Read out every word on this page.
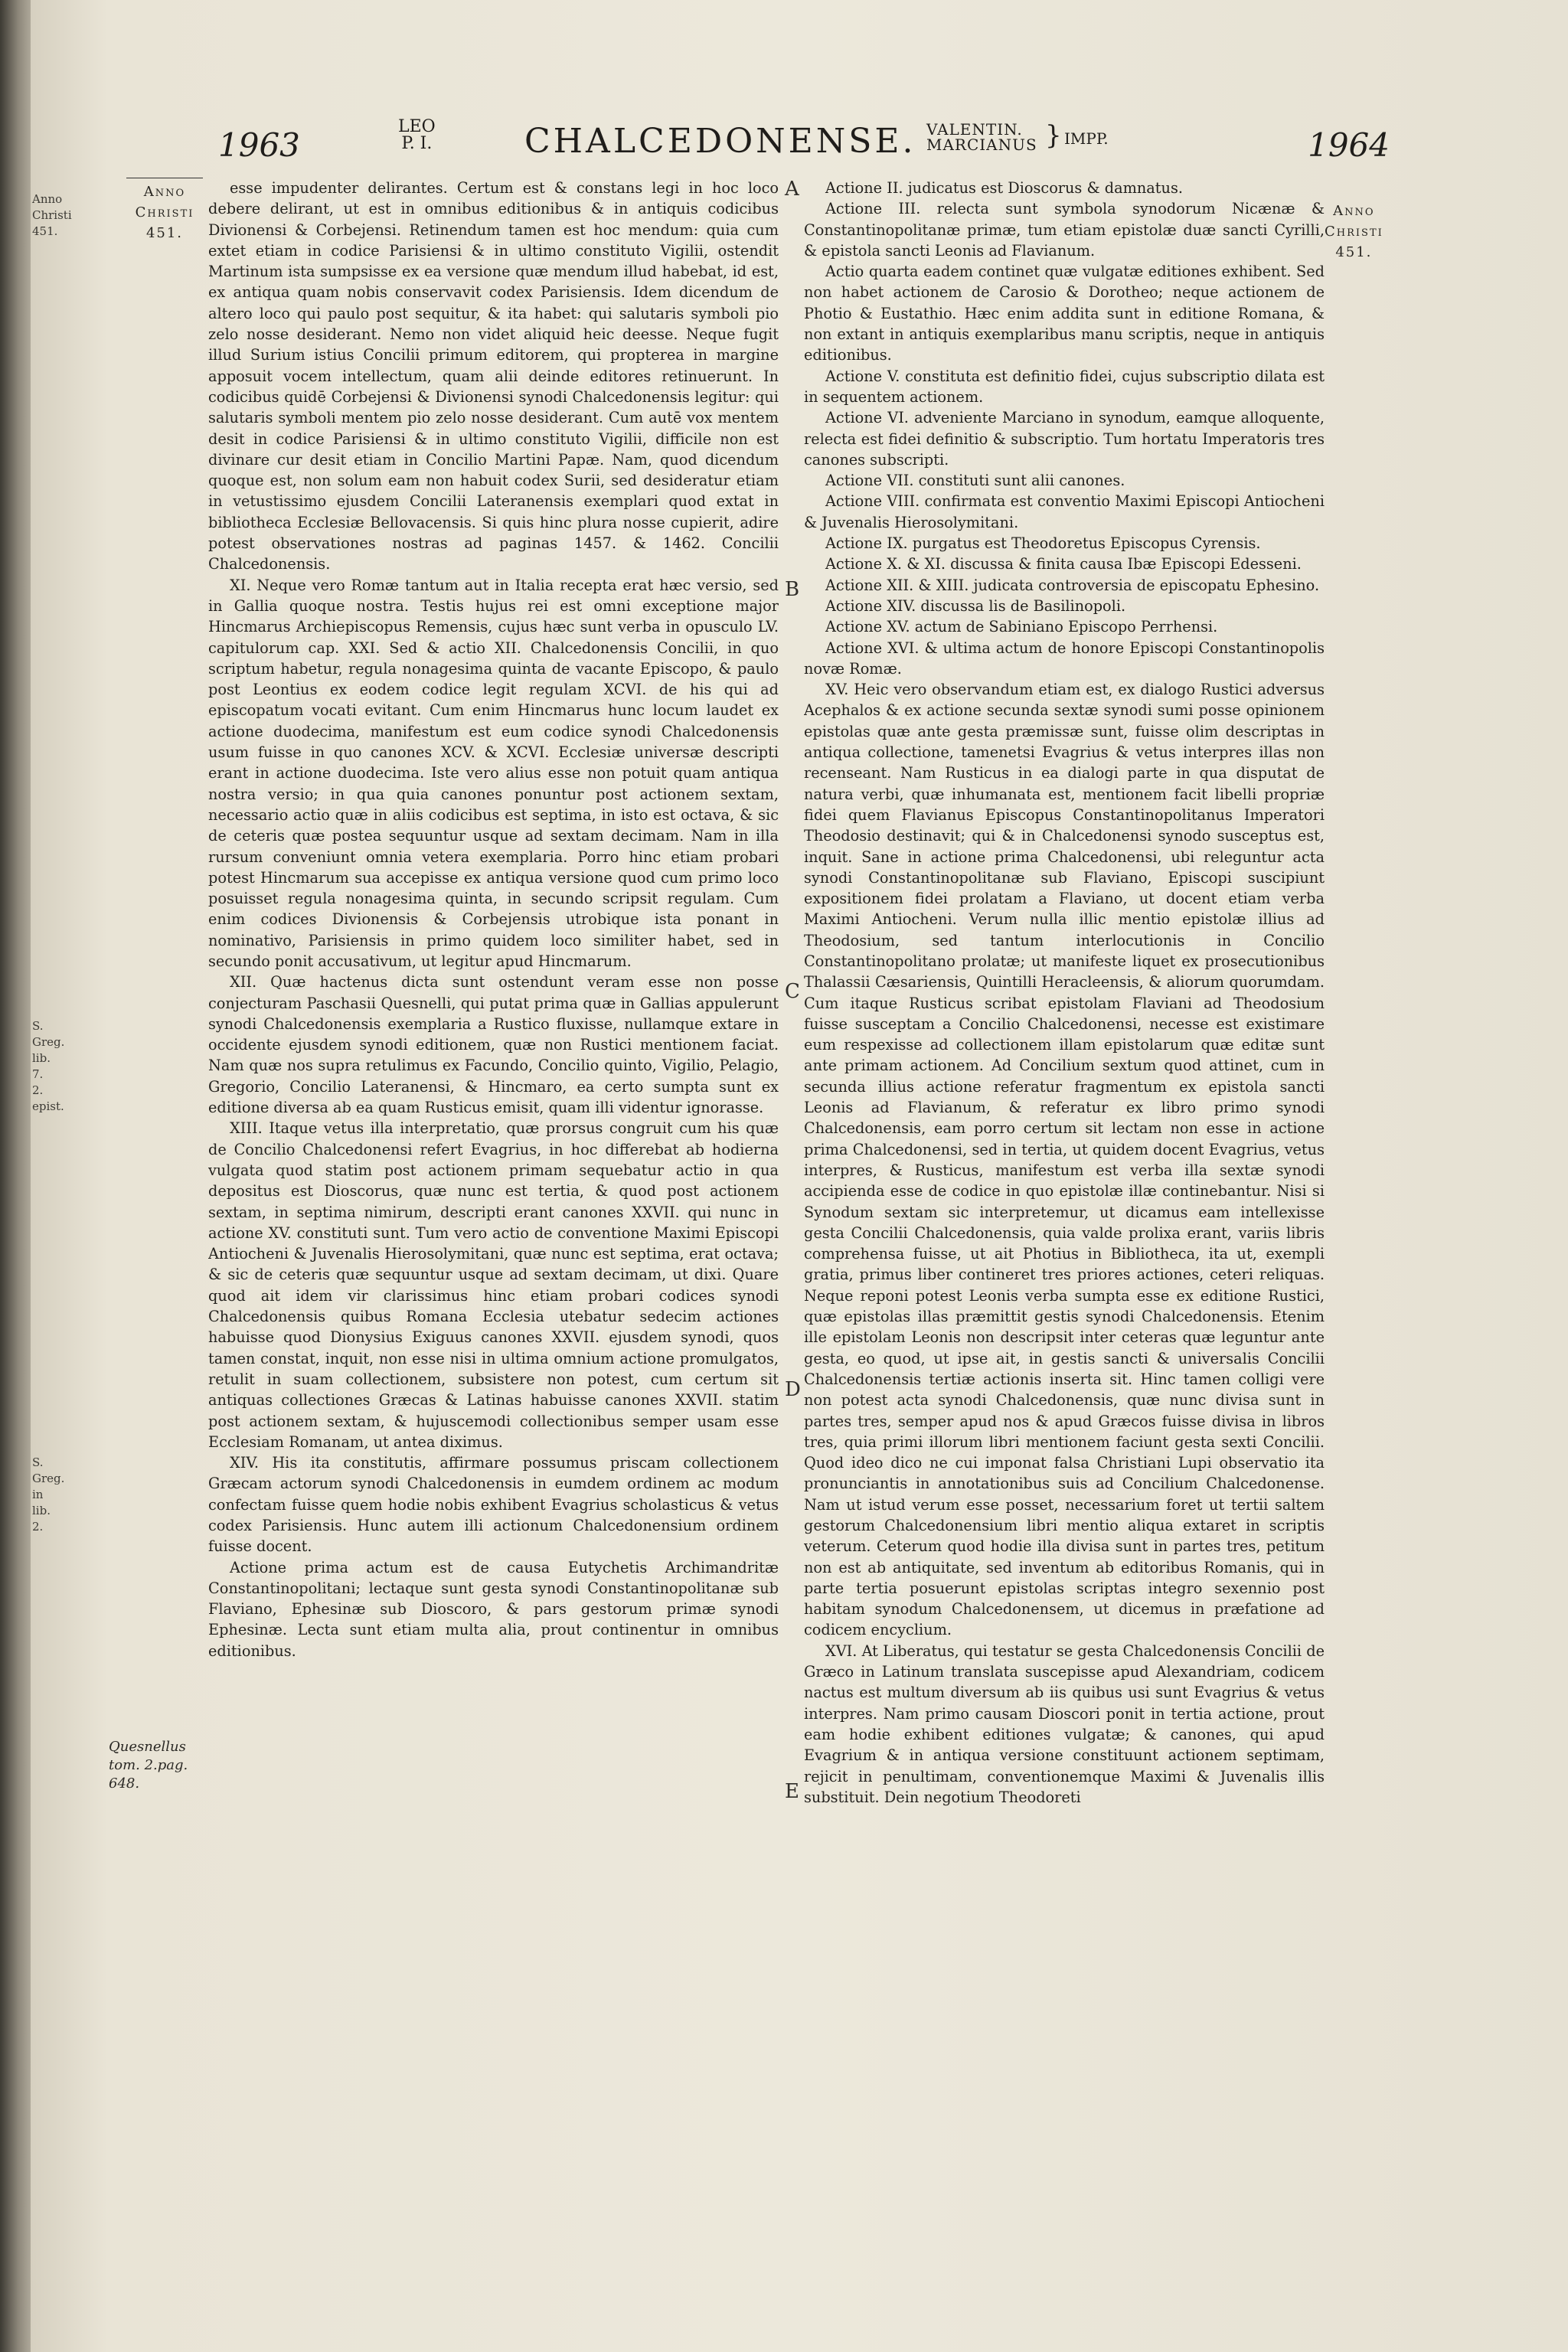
Anno
Christi
451.
S. Greg.
lib. 7.
2. epist.
S. Greg.
in
lib. 2.
1963	LEO
P. I.	CHALCEDONENSE. VALENTIN.
MARCIANUS } IMPP.	1964
Anno
Christi
451.
Anno
Christi
451.

esse impudenter delirantes. Certum est & constans legi in hoc loco debere delirant, ut est in omnibus editionibus & in antiquis codicibus Divionensi & Corbejensi. Retinendum tamen est hoc mendum: quia cum extet etiam in codice Parisiensi & in ultimo constituto Vigilii, ostendit Martinum ista sumpsisse ex ea versione quæ mendum illud habebat, id est, ex antiqua quam nobis conservavit codex Parisiensis. Idem dicendum de altero loco qui paulo post sequitur, & ita habet: qui salutaris symboli pio zelo nosse desiderant. Nemo non videt aliquid heic deesse. Neque fugit illud Surium istius Concilii primum editorem, qui propterea in margine apposuit vocem intellectum, quam alii deinde editores retinuerunt. In codicibus quidē Corbejensi & Divionensi synodi Chalcedonensis legitur: qui salutaris symboli mentem pio zelo nosse desiderant. Cum autē vox mentem desit in codice Parisiensi & in ultimo constituto Vigilii, difficile non est divinare cur desit etiam in Concilio Martini Papæ. Nam, quod dicendum quoque est, non solum eam non habuit codex Surii, sed desideratur etiam in vetustissimo ejusdem Concilii Lateranensis exemplari quod extat in bibliotheca Ecclesiæ Bellovacensis. Si quis hinc plura nosse cupierit, adire potest observationes nostras ad paginas 1457. & 1462. Concilii Chalcedonensis.

XI. Neque vero Romæ tantum aut in Italia recepta erat hæc versio, sed in Gallia quoque nostra. Testis hujus rei est omni exceptione major Hincmarus Archiepiscopus Remensis, cujus hæc sunt verba in opusculo LV. capitulorum cap. XXI. Sed & actio XII. Chalcedonensis Concilii, in quo scriptum habetur, regula nonagesima quinta de vacante Episcopo, & paulo post Leontius ex eodem codice legit regulam XCVI. de his qui ad episcopatum vocati evitant. Cum enim Hincmarus hunc locum laudet ex actione duodecima, manifestum est eum codice synodi Chalcedonensis usum fuisse in quo canones XCV. & XCVI. Ecclesiæ universæ descripti erant in actione duodecima. Iste vero alius esse non potuit quam antiqua nostra versio; in qua quia canones ponuntur post actionem sextam, necessario actio quæ in aliis codicibus est septima, in isto est octava, & sic de ceteris quæ postea sequuntur usque ad sextam decimam. Nam in illa rursum conveniunt omnia vetera exemplaria. Porro hinc etiam probari potest Hincmarum sua accepisse ex antiqua versione quod cum primo loco posuisset regula nonagesima quinta, in secundo scripsit regulam. Cum enim codices Divionensis & Corbejensis utrobique ista ponant in nominativo, Parisiensis in primo quidem loco similiter habet, sed in secundo ponit accusativum, ut legitur apud Hincmarum.

XII. Quæ hactenus dicta sunt ostendunt veram esse non posse conjecturam Paschasii Quesnelli, qui putat prima quæ in Gallias appulerunt synodi Chalcedonensis exemplaria a Rustico fluxisse, nullamque extare in occidente ejusdem synodi editionem, quæ non Rustici mentionem faciat. Nam quæ nos supra retulimus ex Facundo, Concilio quinto, Vigilio, Pelagio, Gregorio, Concilio Lateranensi, & Hincmaro, ea certo sumpta sunt ex editione diversa ab ea quam Rusticus emisit, quam illi videntur ignorasse.

XIII. Itaque vetus illa interpretatio, quæ prorsus congruit cum his quæ de Concilio Chalcedonensi refert Evagrius, in hoc differebat ab hodierna vulgata quod statim post actionem primam sequebatur actio in qua depositus est Dioscorus, quæ nunc est tertia, & quod post actionem sextam, in septima nimirum, descripti erant canones XXVII. qui nunc in actione XV. constituti sunt. Tum vero actio de conventione Maximi Episcopi Antiocheni & Juvenalis Hierosolymitani, quæ nunc est septima, erat octava; & sic de ceteris quæ sequuntur usque ad sextam decimam, ut dixi. Quare quod ait idem vir clarissimus hinc etiam probari codices synodi Chalcedonensis quibus Romana Ecclesia utebatur sedecim actiones habuisse quod Dionysius Exiguus canones XXVII. ejusdem synodi, quos tamen constat, inquit, non esse nisi in ultima omnium actione promulgatos, retulit in suam collectionem, subsistere non potest, cum certum sit antiquas collectiones Græcas & Latinas habuisse canones XXVII. statim post actionem sextam, & hujuscemodi collectionibus semper usam esse Ecclesiam Romanam, ut antea diximus.

XIV. His ita constitutis, affirmare possumus priscam collectionem Græcam actorum synodi Chalcedonensis in eumdem ordinem ac modum confectam fuisse quem hodie nobis exhibent Evagrius scholasticus & vetus codex Parisiensis. Hunc autem illi actionum Chalcedonensium ordinem fuisse docent.

Actione prima actum est de causa Eutychetis Archimandritæ Constantinopolitani; lectaque sunt gesta synodi Constantinopolitanæ sub Flaviano, Ephesinæ sub Dioscoro, & pars gestorum primæ synodi Ephesinæ. Lecta sunt etiam multa alia, prout continentur in omnibus editionibus.

A
B
C
D
E

Actione II. judicatus est Dioscorus & damnatus.

Actione III. relecta sunt symbola synodorum Nicænæ & Constantinopolitanæ primæ, tum etiam epistolæ duæ sancti Cyrilli, & epistola sancti Leonis ad Flavianum.

Actio quarta eadem continet quæ vulgatæ editiones exhibent. Sed non habet actionem de Carosio & Dorotheo; neque actionem de Photio & Eustathio. Hæc enim addita sunt in editione Romana, & non extant in antiquis exemplaribus manu scriptis, neque in antiquis editionibus.

Actione V. constituta est definitio fidei, cujus subscriptio dilata est in sequentem actionem.

Actione VI. adveniente Marciano in synodum, eamque alloquente, relecta est fidei definitio & subscriptio. Tum hortatu Imperatoris tres canones subscripti.

Actione VII. constituti sunt alii canones.

Actione VIII. confirmata est conventio Maximi Episcopi Antiocheni & Juvenalis Hierosolymitani.

Actione IX. purgatus est Theodoretus Episcopus Cyrensis.

Actione X. & XI. discussa & finita causa Ibæ Episcopi Edesseni.

Actione XII. & XIII. judicata controversia de episcopatu Ephesino.

Actione XIV. discussa lis de Basilinopoli.

Actione XV. actum de Sabiniano Episcopo Perrhensi.

Actione XVI. & ultima actum de honore Episcopi Constantinopolis novæ Romæ.

XV. Heic vero observandum etiam est, ex dialogo Rustici adversus Acephalos & ex actione secunda sextæ synodi sumi posse opinionem epistolas quæ ante gesta præmissæ sunt, fuisse olim descriptas in antiqua collectione, tamenetsi Evagrius & vetus interpres illas non recenseant. Nam Rusticus in ea dialogi parte in qua disputat de natura verbi, quæ inhumanata est, mentionem facit libelli propriæ fidei quem Flavianus Episcopus Constantinopolitanus Imperatori Theodosio destinavit; qui & in Chalcedonensi synodo susceptus est, inquit. Sane in actione prima Chalcedonensi, ubi releguntur acta synodi Constantinopolitanæ sub Flaviano, Episcopi suscipiunt expositionem fidei prolatam a Flaviano, ut docent etiam verba Maximi Antiocheni. Verum nulla illic mentio epistolæ illius ad Theodosium, sed tantum interlocutionis in Concilio Constantinopolitano prolatæ; ut manifeste liquet ex prosecutionibus Thalassii Cæsariensis, Quintilli Heracleensis, & aliorum quorumdam. Cum itaque Rusticus scribat epistolam Flaviani ad Theodosium fuisse susceptam a Concilio Chalcedonensi, necesse est existimare eum respexisse ad collectionem illam epistolarum quæ editæ sunt ante primam actionem. Ad Concilium sextum quod attinet, cum in secunda illius actione referatur fragmentum ex epistola sancti Leonis ad Flavianum, & referatur ex libro primo synodi Chalcedonensis, eam porro certum sit lectam non esse in actione prima Chalcedonensi, sed in tertia, ut quidem docent Evagrius, vetus interpres, & Rusticus, manifestum est verba illa sextæ synodi accipienda esse de codice in quo epistolæ illæ continebantur. Nisi si Synodum sextam sic interpretemur, ut dicamus eam intellexisse gesta Concilii Chalcedonensis, quia valde prolixa erant, variis libris comprehensa fuisse, ut ait Photius in Bibliotheca, ita ut, exempli gratia, primus liber contineret tres priores actiones, ceteri reliquas. Neque reponi potest Leonis verba sumpta esse ex editione Rustici, quæ epistolas illas præmittit gestis synodi Chalcedonensis. Etenim ille epistolam Leonis non descripsit inter ceteras quæ leguntur ante gesta, eo quod, ut ipse ait, in gestis sancti & universalis Concilii Chalcedonensis tertiæ actionis inserta sit. Hinc tamen colligi vere non potest acta synodi Chalcedonensis, quæ nunc divisa sunt in partes tres, semper apud nos & apud Græcos fuisse divisa in libros tres, quia primi illorum libri mentionem faciunt gesta sexti Concilii. Quod ideo dico ne cui imponat falsa Christiani Lupi observatio ita pronunciantis in annotationibus suis ad Concilium Chalcedonense. Nam ut istud verum esse posset, necessarium foret ut tertii saltem gestorum Chalcedonensium libri mentio aliqua extaret in scriptis veterum. Ceterum quod hodie illa divisa sunt in partes tres, petitum non est ab antiquitate, sed inventum ab editoribus Romanis, qui in parte tertia posuerunt epistolas scriptas integro sexennio post habitam synodum Chalcedonensem, ut dicemus in præfatione ad codicem encyclium.

XVI. At Liberatus, qui testatur se gesta Chalcedonensis Concilii de Græco in Latinum translata suscepisse apud Alexandriam, codicem nactus est multum diversum ab iis quibus usi sunt Evagrius & vetus interpres. Nam primo causam Dioscori ponit in tertia actione, prout eam hodie exhibent editiones vulgatæ; & canones, qui apud Evagrium & in antiqua versione constituunt actionem septimam, rejicit in penultimam, conventionemque Maximi & Juvenalis illis substituit. Dein negotium Theodoreti

Quesnellus
tom. 2.pag.
648.
